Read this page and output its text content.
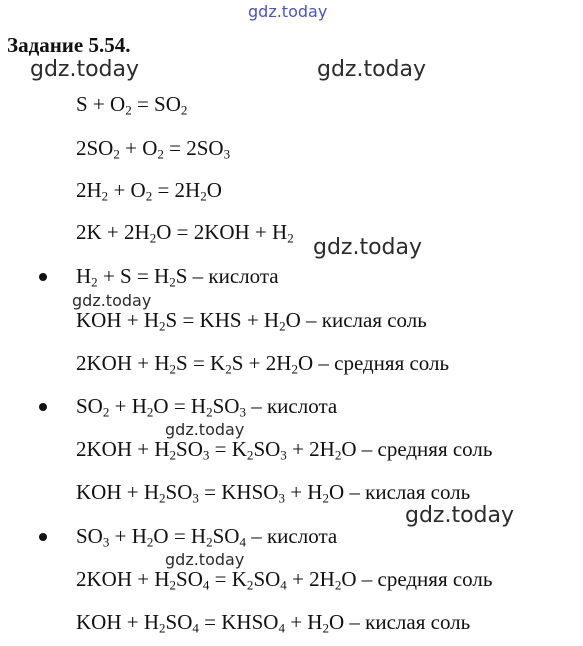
gdz.today
Задание 5.54.
gdz.today	gdz.today
$S + O_2 = SO_2$
$2SO_2 + O_2 = 2SO_3$
$2H_2 + O_2 = 2H_2O$
$2K + 2H_2O = 2KOH + H_2$ gdz.today
$H_2 + S = H_2S$ – кислота
gdz.today
KOH + $H_2S$ = KHS + $H_2O$ – кислая соль
$2KOH + H_2S = K_2S + 2H_2O$ – средняя соль
$SO_2 + H_2O = H_2SO_3$ – кислота
gdz.today
$2KOH + H_2SO_3 = K_2SO_3 + 2H_2O$ – средняя соль
KOH + $H_2SO_3$ = $KHSO_3 + H_2O$ – кислая соль
gdz.today
$SO_3 + H_2O = H_2SO_4$ – кислота
gdz.today
$2KOH + H_2SO_4 = K_2SO_4 + 2H_2O$ – средняя соль
KOH + $H_2SO_4$ = $KHSO_4 + H_2O$ – кислая соль
